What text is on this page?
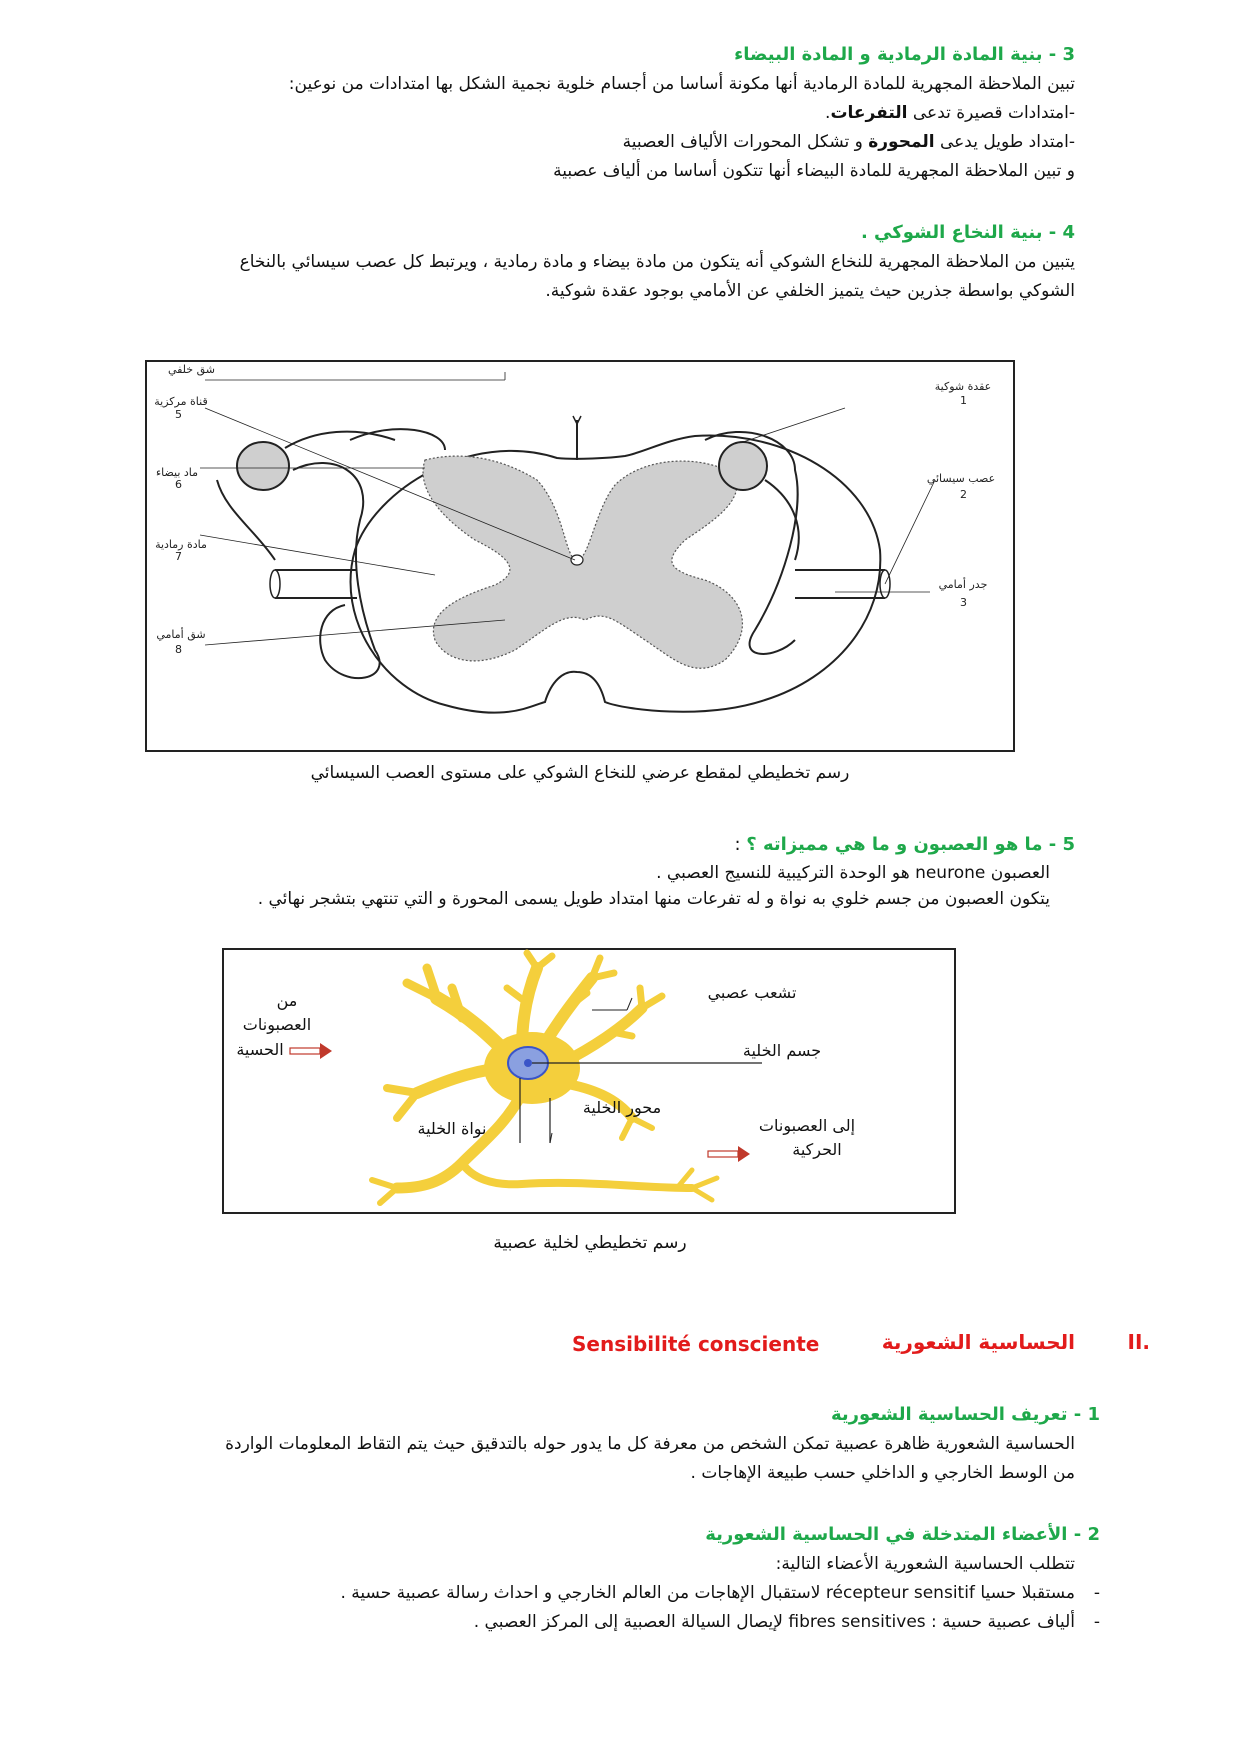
3 - بنية المادة الرمادية و المادة البيضاء
تبين الملاحظة المجهرية للمادة الرمادية أنها مكونة أساسا من أجسام خلوية نجمية الشكل بها امتدادات من نوعين:
-امتدادات قصيرة تدعى التفرعات.
-امتداد طويل يدعى المحورة و تشكل المحورات الألياف العصبية
و تبين الملاحظة المجهرية للمادة البيضاء أنها تتكون أساسا من ألياف عصبية
4 - بنية النخاع الشوكي .
يتبين من الملاحظة المجهرية للنخاع الشوكي أنه يتكون من مادة بيضاء و مادة رمادية ، ويرتبط كل عصب سيسائي بالنخاع
الشوكي بواسطة جذرين حيث يتميز الخلفي عن الأمامي بوجود عقدة شوكية.
شق خلفي
قناة مركزية
5
ماد بيضاء
6
مادة رمادية
7
شق أمامي
8
عقدة شوكية
1
عصب سيسائي
2
جدر أمامي
3
رسم تخطيطي لمقطع عرضي للنخاع الشوكي على مستوى العصب السيسائي
5 - ما هو العصبون و ما هي مميزاته ؟ :
العصبون neurone هو الوحدة التركيبية للنسيج العصبي .
يتكون العصبون من جسم خلوي به نواة و له تفرعات منها امتداد طويل يسمى المحورة و التي تنتهي بتشجر نهائي .
من
العصبونات
الحسية
تشعب عصبي
جسم الخلية
محور الخلية
نواة الخلية	إلى العصبونات
الحركية
رسم تخطيطي لخلية عصبية
II.
الحساسية الشعورية
Sensibilité consciente
1 - تعريف الحساسية الشعورية
الحساسية الشعورية ظاهرة عصبية تمكن الشخص من معرفة كل ما يدور حوله بالتدقيق حيث يتم التقاط المعلومات الواردة
من الوسط الخارجي و الداخلي حسب طبيعة الإهاجات .
2 - الأعضاء المتدخلة في الحساسية الشعورية
تتطلب الحساسية الشعورية الأعضاء التالية:
-مستقبلا حسيا récepteur sensitif لاستقبال الإهاجات من العالم الخارجي و احداث رسالة عصبية حسية .
-ألياف عصبية حسية : fibres sensitives لإيصال السيالة العصبية إلى المركز العصبي .
